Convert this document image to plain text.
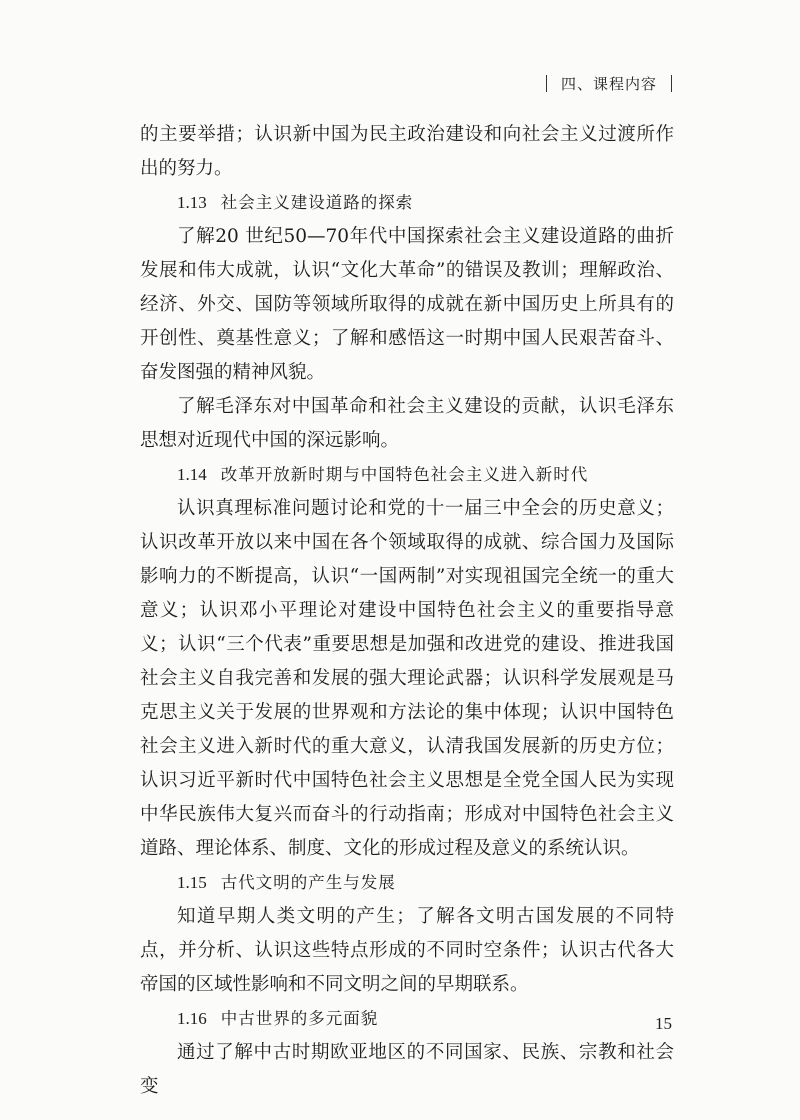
四、课程内容

的主要举措；认识新中国为民主政治建设和向社会主义过渡所作出的努力。

1.13 社会主义建设道路的探索

了解20 世纪50—70年代中国探索社会主义建设道路的曲折发展和伟大成就，认识“文化大革命”的错误及教训；理解政治、经济、外交、国防等领域所取得的成就在新中国历史上所具有的开创性、奠基性意义；了解和感悟这一时期中国人民艰苦奋斗、奋发图强的精神风貌。

了解毛泽东对中国革命和社会主义建设的贡献，认识毛泽东思想对近现代中国的深远影响。

1.14 改革开放新时期与中国特色社会主义进入新时代

认识真理标准问题讨论和党的十一届三中全会的历史意义；认识改革开放以来中国在各个领域取得的成就、综合国力及国际影响力的不断提高，认识“一国两制”对实现祖国完全统一的重大意义；认识邓小平理论对建设中国特色社会主义的重要指导意义；认识“三个代表”重要思想是加强和改进党的建设、推进我国社会主义自我完善和发展的强大理论武器；认识科学发展观是马克思主义关于发展的世界观和方法论的集中体现；认识中国特色社会主义进入新时代的重大意义，认清我国发展新的历史方位；认识习近平新时代中国特色社会主义思想是全党全国人民为实现中华民族伟大复兴而奋斗的行动指南；形成对中国特色社会主义道路、理论体系、制度、文化的形成过程及意义的系统认识。

1.15 古代文明的产生与发展

知道早期人类文明的产生；了解各文明古国发展的不同特点，并分析、认识这些特点形成的不同时空条件；认识古代各大帝国的区域性影响和不同文明之间的早期联系。

1.16 中古世界的多元面貌

通过了解中古时期欧亚地区的不同国家、民族、宗教和社会变

15
